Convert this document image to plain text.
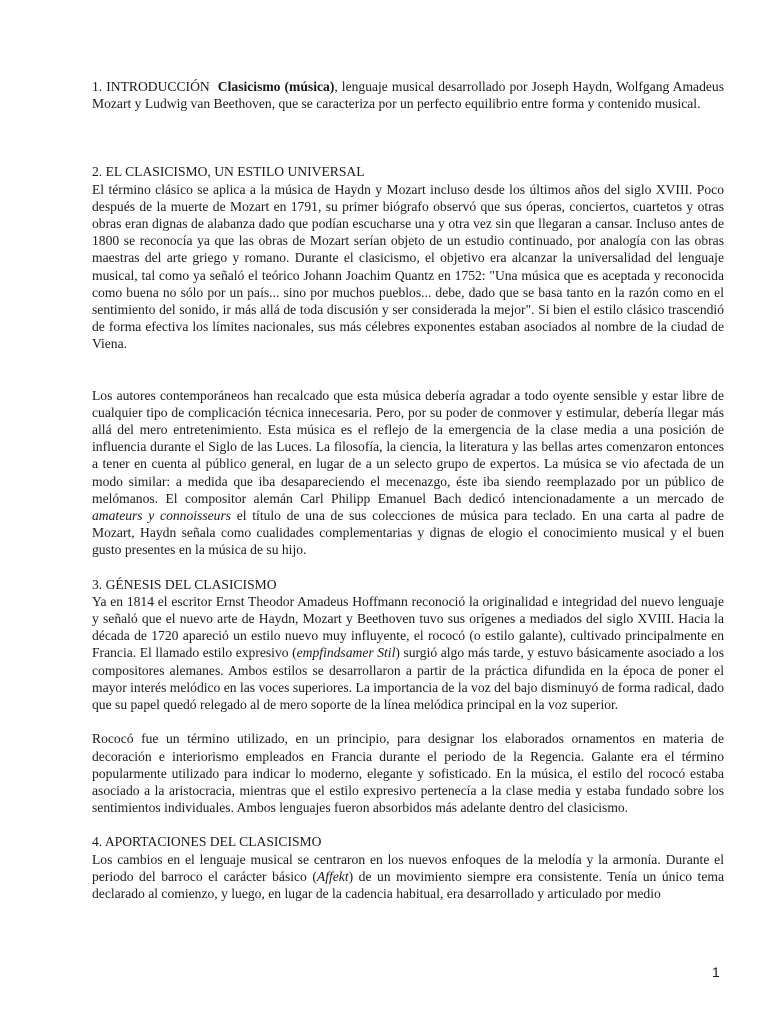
1. INTRODUCCIÓN Clasicismo (música), lenguaje musical desarrollado por Joseph Haydn, Wolfgang Amadeus Mozart y Ludwig van Beethoven, que se caracteriza por un perfecto equilibrio entre forma y contenido musical.

2. EL CLASICISMO, UN ESTILO UNIVERSAL

El término clásico se aplica a la música de Haydn y Mozart incluso desde los últimos años del siglo XVIII. Poco después de la muerte de Mozart en 1791, su primer biógrafo observó que sus óperas, conciertos, cuartetos y otras obras eran dignas de alabanza dado que podían escucharse una y otra vez sin que llegaran a cansar. Incluso antes de 1800 se reconocía ya que las obras de Mozart serían objeto de un estudio continuado, por analogía con las obras maestras del arte griego y romano. Durante el clasicismo, el objetivo era alcanzar la universalidad del lenguaje musical, tal como ya señaló el teórico Johann Joachim Quantz en 1752: "Una música que es aceptada y reconocida como buena no sólo por un país... sino por muchos pueblos... debe, dado que se basa tanto en la razón como en el sentimiento del sonido, ir más allá de toda discusión y ser considerada la mejor". Si bien el estilo clásico trascendió de forma efectiva los límites nacionales, sus más célebres exponentes estaban asociados al nombre de la ciudad de Viena.

Los autores contemporáneos han recalcado que esta música debería agradar a todo oyente sensible y estar libre de cualquier tipo de complicación técnica innecesaria. Pero, por su poder de conmover y estimular, debería llegar más allá del mero entretenimiento. Esta música es el reflejo de la emergencia de la clase media a una posición de influencia durante el Siglo de las Luces. La filosofía, la ciencia, la literatura y las bellas artes comenzaron entonces a tener en cuenta al público general, en lugar de a un selecto grupo de expertos. La música se vio afectada de un modo similar: a medida que iba desapareciendo el mecenazgo, éste iba siendo reemplazado por un público de melómanos. El compositor alemán Carl Philipp Emanuel Bach dedicó intencionadamente a un mercado de amateurs y connoisseurs el título de una de sus colecciones de música para teclado. En una carta al padre de Mozart, Haydn señala como cualidades complementarias y dignas de elogio el conocimiento musical y el buen gusto presentes en la música de su hijo.

3. GÉNESIS DEL CLASICISMO

Ya en 1814 el escritor Ernst Theodor Amadeus Hoffmann reconoció la originalidad e integridad del nuevo lenguaje y señaló que el nuevo arte de Haydn, Mozart y Beethoven tuvo sus orígenes a mediados del siglo XVIII. Hacia la década de 1720 apareció un estilo nuevo muy influyente, el rococó (o estilo galante), cultivado principalmente en Francia. El llamado estilo expresivo (empfindsamer Stil) surgió algo más tarde, y estuvo básicamente asociado a los compositores alemanes. Ambos estilos se desarrollaron a partir de la práctica difundida en la época de poner el mayor interés melódico en las voces superiores. La importancia de la voz del bajo disminuyó de forma radical, dado que su papel quedó relegado al de mero soporte de la línea melódica principal en la voz superior.

Rococó fue un término utilizado, en un principio, para designar los elaborados ornamentos en materia de decoración e interiorismo empleados en Francia durante el periodo de la Regencia. Galante era el término popularmente utilizado para indicar lo moderno, elegante y sofisticado. En la música, el estilo del rococó estaba asociado a la aristocracia, mientras que el estilo expresivo pertenecía a la clase media y estaba fundado sobre los sentimientos individuales. Ambos lenguajes fueron absorbidos más adelante dentro del clasicismo.

4. APORTACIONES DEL CLASICISMO

Los cambios en el lenguaje musical se centraron en los nuevos enfoques de la melodía y la armonía. Durante el periodo del barroco el carácter básico (Affekt) de un movimiento siempre era consistente. Tenía un único tema declarado al comienzo, y luego, en lugar de la cadencia habitual, era desarrollado y articulado por medio

1
